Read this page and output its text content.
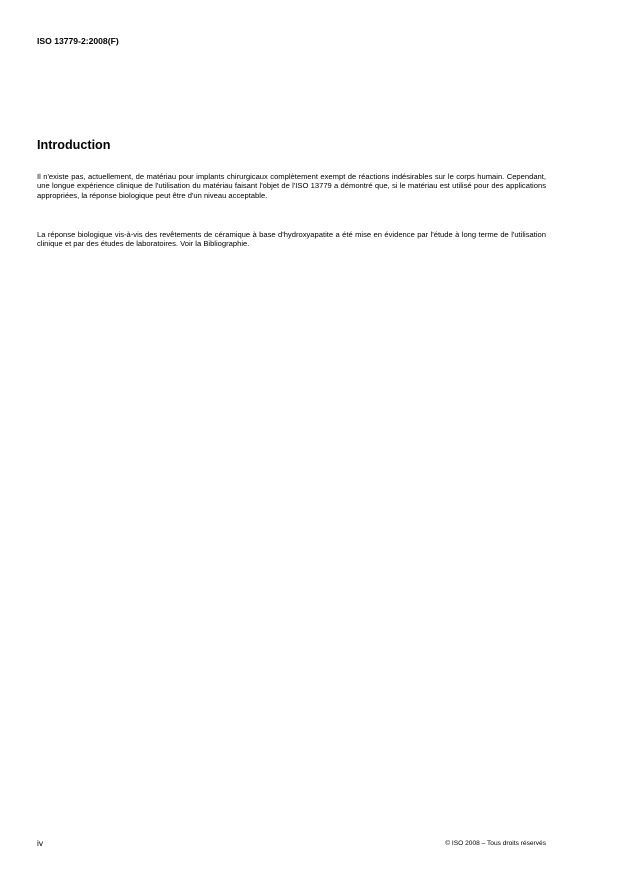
ISO 13779-2:2008(F)
Introduction

Il n'existe pas, actuellement, de matériau pour implants chirurgicaux complètement exempt de réactions indésirables sur le corps humain. Cependant, une longue expérience clinique de l'utilisation du matériau faisant l'objet de l'ISO 13779 a démontré que, si le matériau est utilisé pour des applications appropriées, la réponse biologique peut être d'un niveau acceptable.

La réponse biologique vis-à-vis des revêtements de céramique à base d'hydroxyapatite a été mise en évidence par l'étude à long terme de l'utilisation clinique et par des études de laboratoires. Voir la Bibliographie.

iv	© ISO 2008 – Tous droits réservés
